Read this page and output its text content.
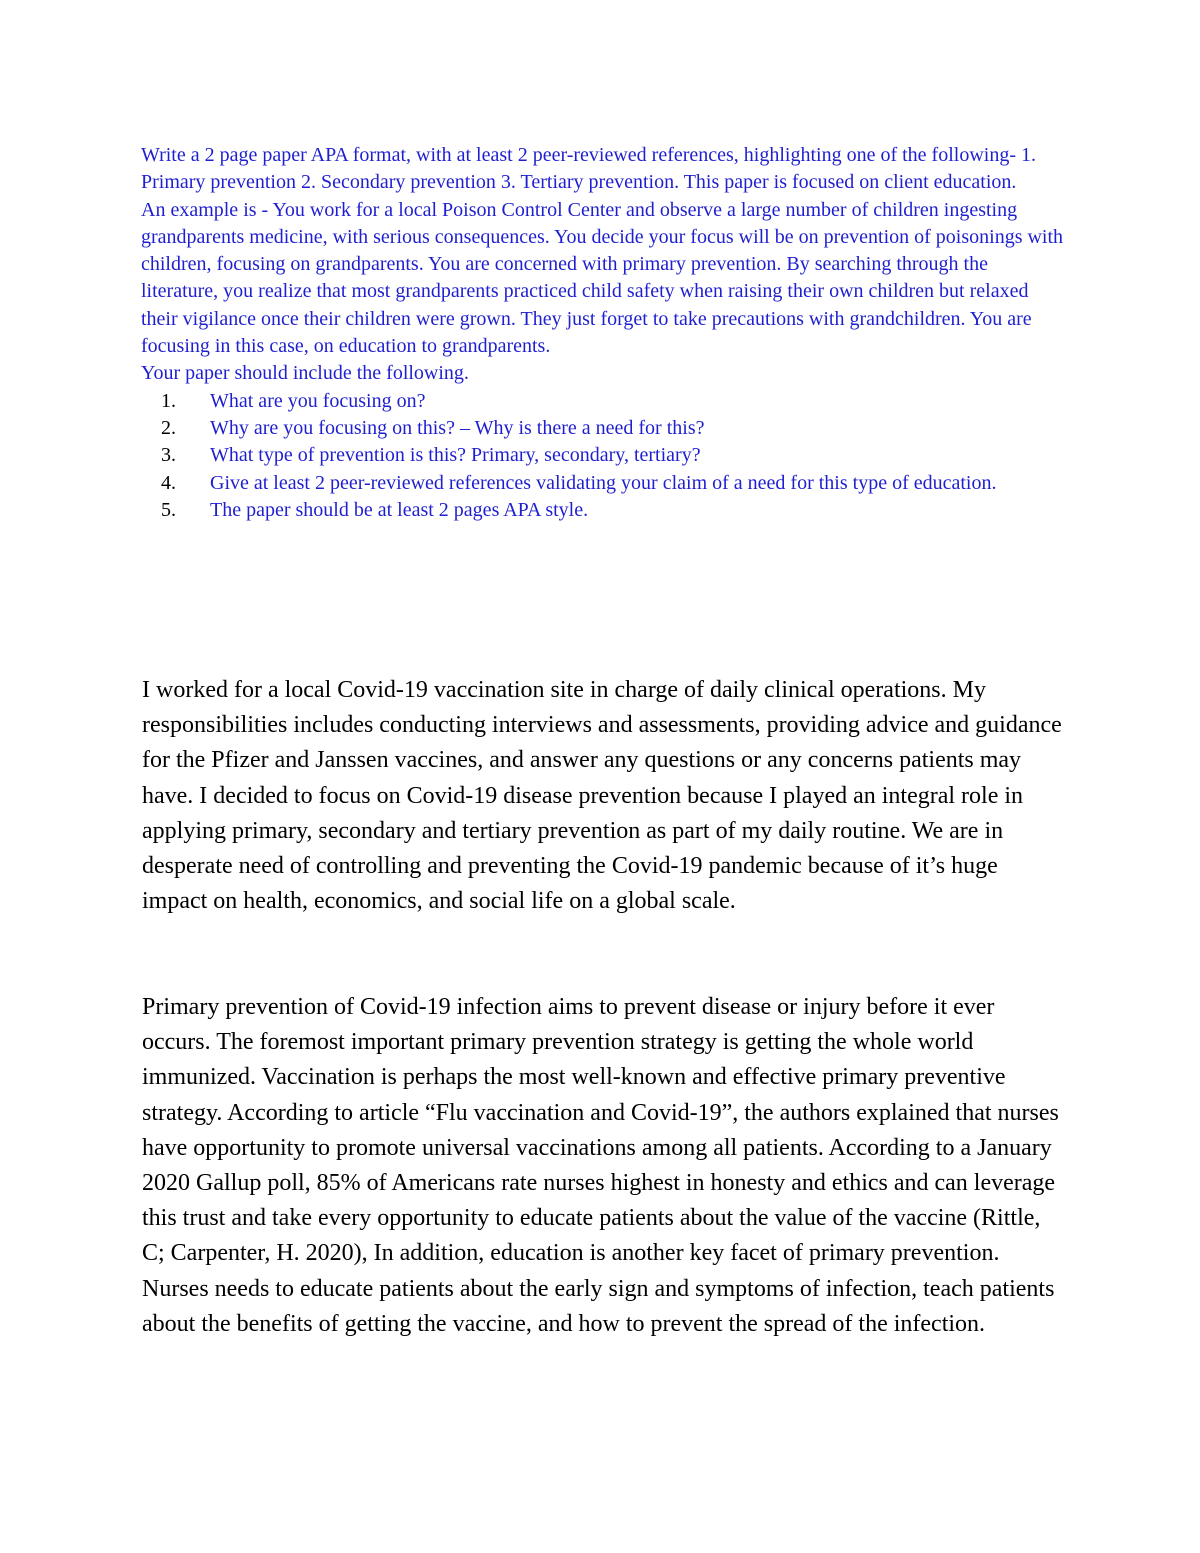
Write a 2 page paper APA format, with at least 2 peer-reviewed references, highlighting one of the following- 1. Primary prevention 2. Secondary prevention 3. Tertiary prevention. This paper is focused on client education.

An example is - You work for a local Poison Control Center and observe a large number of children ingesting grandparents medicine, with serious consequences. You decide your focus will be on prevention of poisonings with children, focusing on grandparents. You are concerned with primary prevention. By searching through the literature, you realize that most grandparents practiced child safety when raising their own children but relaxed their vigilance once their children were grown. They just forget to take precautions with grandchildren. You are focusing in this case, on education to grandparents.

Your paper should include the following.

1. What are you focusing on?
2. Why are you focusing on this? – Why is there a need for this?
3. What type of prevention is this? Primary, secondary, tertiary?
4. Give at least 2 peer-reviewed references validating your claim of a need for this type of education.
5. The paper should be at least 2 pages APA style.

I worked for a local Covid-19 vaccination site in charge of daily clinical operations. My responsibilities includes conducting interviews and assessments, providing advice and guidance for the Pfizer and Janssen vaccines, and answer any questions or any concerns patients may have. I decided to focus on Covid-19 disease prevention because I played an integral role in applying primary, secondary and tertiary prevention as part of my daily routine. We are in desperate need of controlling and preventing the Covid-19 pandemic because of it’s huge impact on health, economics, and social life on a global scale.

Primary prevention of Covid-19 infection aims to prevent disease or injury before it ever occurs. The foremost important primary prevention strategy is getting the whole world immunized. Vaccination is perhaps the most well-known and effective primary preventive strategy. According to article “Flu vaccination and Covid-19”, the authors explained that nurses have opportunity to promote universal vaccinations among all patients. According to a January 2020 Gallup poll, 85% of Americans rate nurses highest in honesty and ethics and can leverage this trust and take every opportunity to educate patients about the value of the vaccine (Rittle, C; Carpenter, H. 2020), In addition, education is another key facet of primary prevention. Nurses needs to educate patients about the early sign and symptoms of infection, teach patients about the benefits of getting the vaccine, and how to prevent the spread of the infection.
